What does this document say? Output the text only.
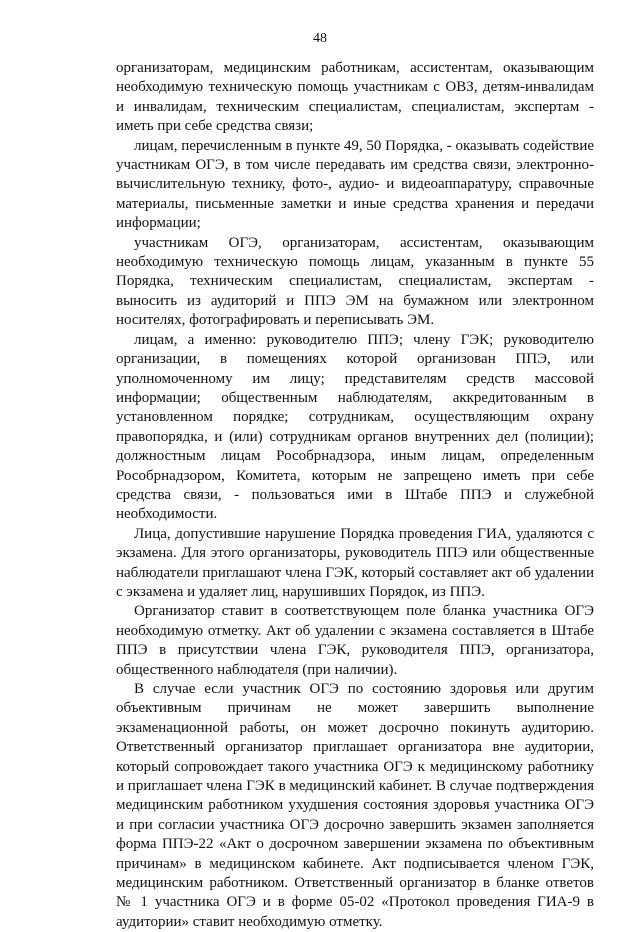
48

организаторам, медицинским работникам, ассистентам, оказывающим необходимую техническую помощь участникам с ОВЗ, детям-инвалидам и инвалидам, техническим специалистам, специалистам, экспертам - иметь при себе средства связи;

лицам, перечисленным в пункте 49, 50 Порядка, - оказывать содействие участникам ОГЭ, в том числе передавать им средства связи, электронно-вычислительную технику, фото-, аудио- и видеоаппаратуру, справочные материалы, письменные заметки и иные средства хранения и передачи информации;

участникам ОГЭ, организаторам, ассистентам, оказывающим необходимую техническую помощь лицам, указанным в пункте 55 Порядка, техническим специалистам, специалистам, экспертам - выносить из аудиторий и ППЭ ЭМ на бумажном или электронном носителях, фотографировать и переписывать ЭМ.

лицам, а именно: руководителю ППЭ; члену ГЭК; руководителю организации, в помещениях которой организован ППЭ, или уполномоченному им лицу; представителям средств массовой информации; общественным наблюдателям, аккредитованным в установленном порядке; сотрудникам, осуществляющим охрану правопорядка, и (или) сотрудникам органов внутренних дел (полиции); должностным лицам Рособрнадзора, иным лицам, определенным Рособрнадзором, Комитета, которым не запрещено иметь при себе средства связи, - пользоваться ими в Штабе ППЭ и служебной необходимости.

Лица, допустившие нарушение Порядка проведения ГИА, удаляются с экзамена. Для этого организаторы, руководитель ППЭ или общественные наблюдатели приглашают члена ГЭК, который составляет акт об удалении с экзамена и удаляет лиц, нарушивших Порядок, из ППЭ.

Организатор ставит в соответствующем поле бланка участника ОГЭ необходимую отметку. Акт об удалении с экзамена составляется в Штабе ППЭ в присутствии члена ГЭК, руководителя ППЭ, организатора, общественного наблюдателя (при наличии).

В случае если участник ОГЭ по состоянию здоровья или другим объективным причинам не может завершить выполнение экзаменационной работы, он может досрочно покинуть аудиторию. Ответственный организатор приглашает организатора вне аудитории, который сопровождает такого участника ОГЭ к медицинскому работнику и приглашает члена ГЭК в медицинский кабинет. В случае подтверждения медицинским работником ухудшения состояния здоровья участника ОГЭ и при согласии участника ОГЭ досрочно завершить экзамен заполняется форма ППЭ-22 «Акт о досрочном завершении экзамена по объективным причинам» в медицинском кабинете. Акт подписывается членом ГЭК, медицинским работником. Ответственный организатор в бланке ответов № 1 участника ОГЭ и в форме 05-02 «Протокол проведения ГИА-9 в аудитории» ставит необходимую отметку.
